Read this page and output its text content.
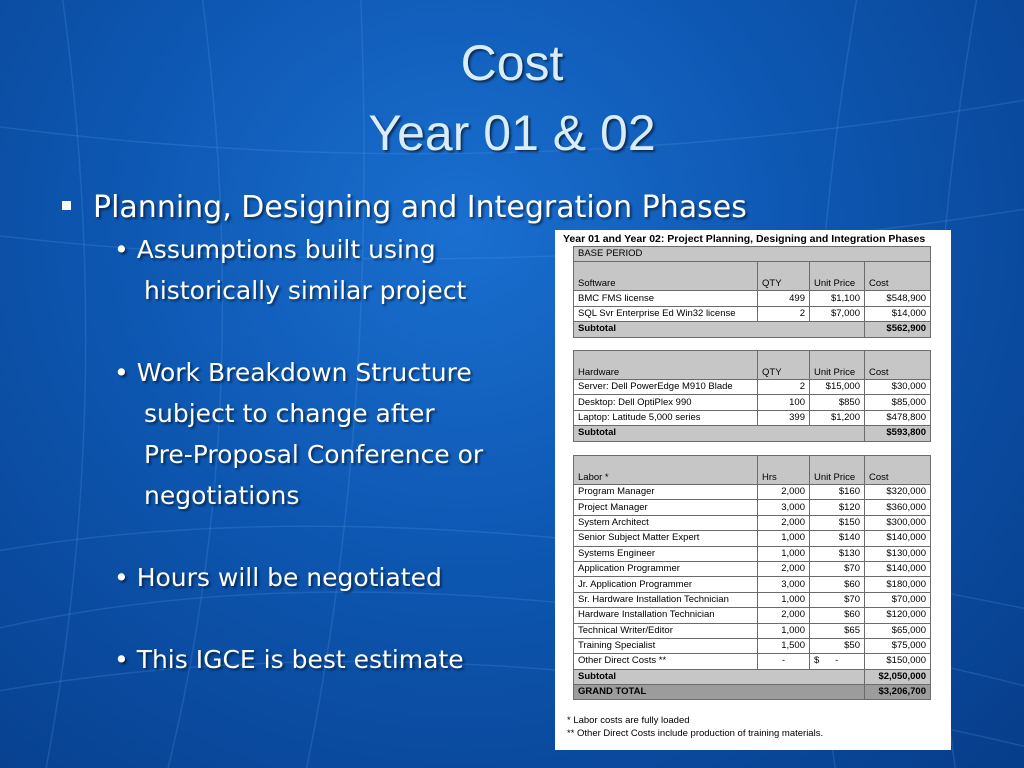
Cost
Year 01 & 02
Planning, Designing and Integration Phases
• Assumptions built using
historically similar project
• Work Breakdown Structure
subject to change after
Pre-Proposal Conference or
negotiations
• Hours will be negotiated
• This IGCE is best estimate
Year 01 and Year 02: Project Planning, Designing and Integration Phases
BASE PERIOD			
Software	QTY	Unit Price	Cost
BMC FMS license	499	$1,100	$548,900
SQL Svr Enterprise Ed Win32 license	2	$7,000	$14,000
Subtotal			$562,900
Hardware	QTY	Unit Price	Cost
Server: Dell PowerEdge M910 Blade	2	$15,000	$30,000
Desktop: Dell OptiPlex 990	100	$850	$85,000
Laptop: Latitude 5,000 series	399	$1,200	$478,800
Subtotal			$593,800
Labor *	Hrs	Unit Price	Cost
Program Manager	2,000	$160	$320,000
Project Manager	3,000	$120	$360,000
System Architect	2,000	$150	$300,000
Senior Subject Matter Expert	1,000	$140	$140,000
Systems Engineer	1,000	$130	$130,000
Application Programmer	2,000	$70	$140,000
Jr. Application Programmer	3,000	$60	$180,000
Sr. Hardware Installation Technician	1,000	$70	$70,000
Hardware Installation Technician	2,000	$60	$120,000
Technical Writer/Editor	1,000	$65	$65,000
Training Specialist	1,500	$50	$75,000
Other Direct Costs **	-	$      -	$150,000
Subtotal			$2,050,000
GRAND TOTAL			$3,206,700
* Labor costs are fully loaded
** Other Direct Costs include production of training materials.
